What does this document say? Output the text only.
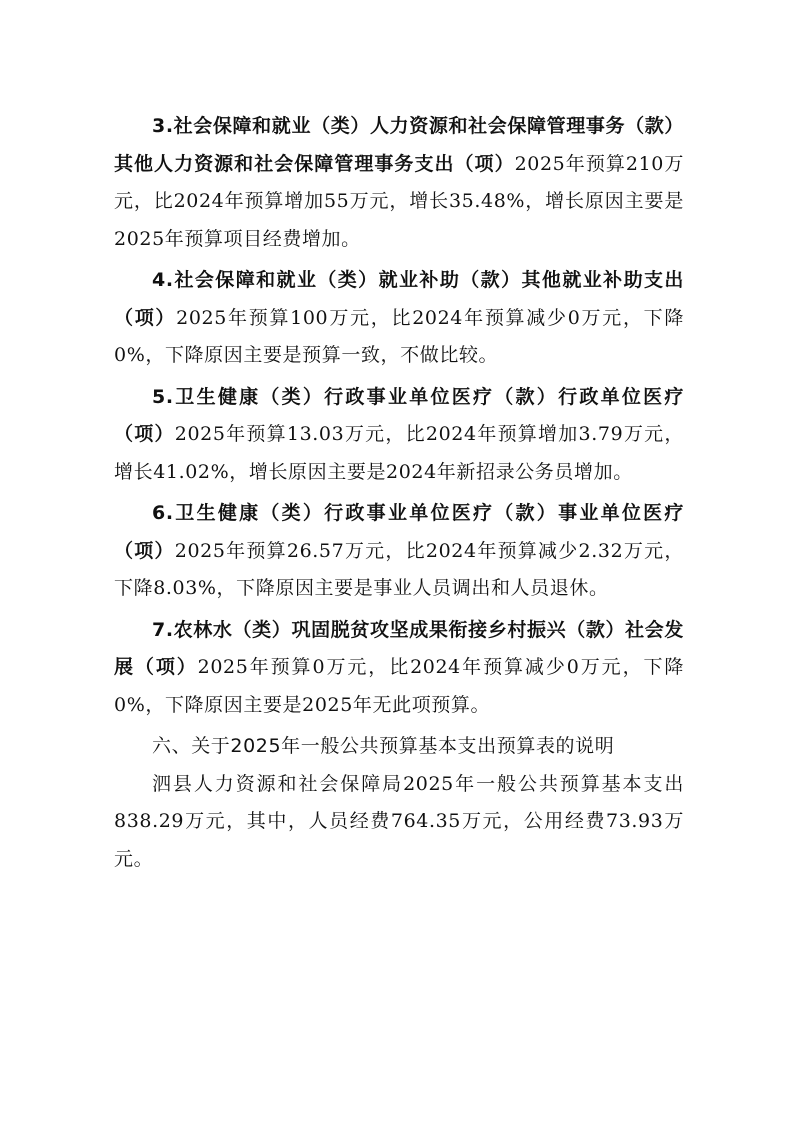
3.社会保障和就业（类）人力资源和社会保障管理事务（款）其他人力资源和社会保障管理事务支出（项）2025年预算210万元，比2024年预算增加55万元，增长35.48%，增长原因主要是2025年预算项目经费增加。

4.社会保障和就业（类）就业补助（款）其他就业补助支出（项）2025年预算100万元，比2024年预算减少0万元，下降0%，下降原因主要是预算一致，不做比较。

5.卫生健康（类）行政事业单位医疗（款）行政单位医疗（项）2025年预算13.03万元，比2024年预算增加3.79万元，增长41.02%，增长原因主要是2024年新招录公务员增加。

6.卫生健康（类）行政事业单位医疗（款）事业单位医疗（项）2025年预算26.57万元，比2024年预算减少2.32万元，下降8.03%，下降原因主要是事业人员调出和人员退休。

7.农林水（类）巩固脱贫攻坚成果衔接乡村振兴（款）社会发展（项）2025年预算0万元，比2024年预算减少0万元，下降0%，下降原因主要是2025年无此项预算。

六、关于2025年一般公共预算基本支出预算表的说明

泗县人力资源和社会保障局2025年一般公共预算基本支出838.29万元，其中，人员经费764.35万元，公用经费73.93万元。
